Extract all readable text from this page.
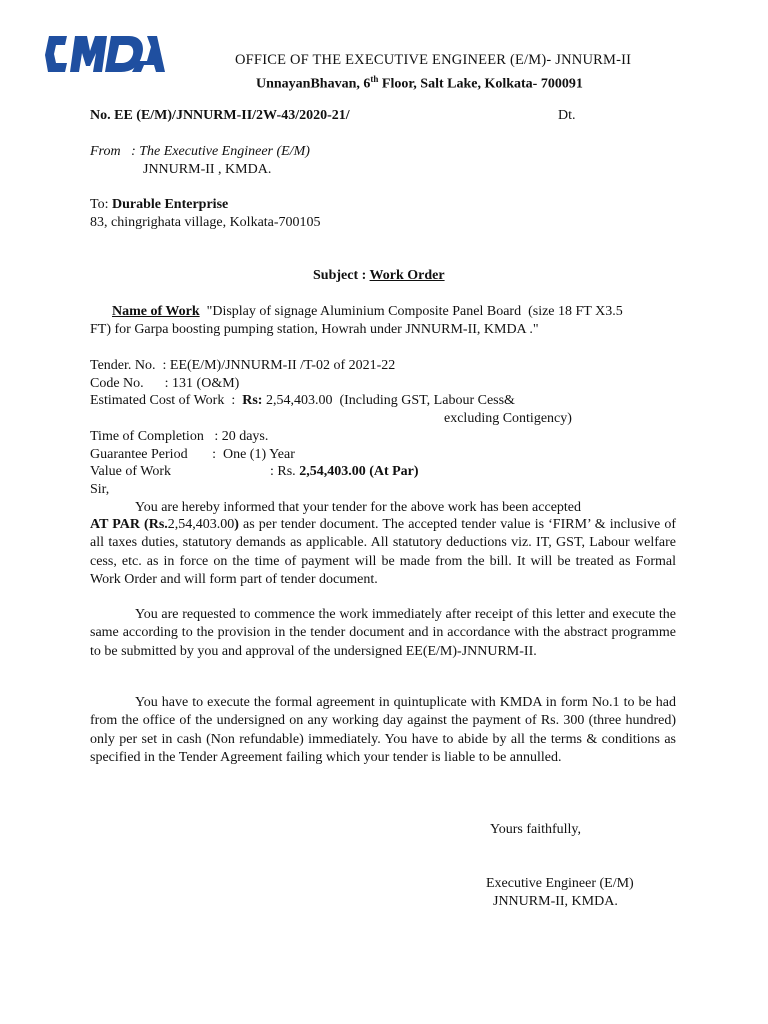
OFFICE OF THE EXECUTIVE ENGINEER (E/M)- JNNURM-II
UnnayanBhavan, 6th Floor, Salt Lake, Kolkata- 700091
No. EE (E/M)/JNNURM-II/2W-43/2020-21/	Dt.
From   : The Executive Engineer (E/M)
JNNURM-II , KMDA.
To: Durable Enterprise
83, chingrighata village, Kolkata-700105
Subject : Work Order
Name of Work  "Display of signage Aluminium Composite Panel Board  (size 18 FT X3.5
FT) for Garpa boosting pumping station, Howrah under JNNURM-II, KMDA ."
Tender. No.  : EE(E/M)/JNNURM-II /T-02 of 2021-22
Code No.      : 131 (O&M)
Estimated Cost of Work  :  Rs: 2,54,403.00  (Including GST, Labour Cess&
excluding Contigency)
Time of Completion   : 20 days.
Guarantee Period       :  One (1) Year
Value of Work	: Rs. 2,54,403.00 (At Par)
Sir,
You are hereby informed that your tender for the above work has been accepted
AT PAR (Rs.2,54,403.00) as per tender document. The accepted tender value is ‘FIRM’ & inclusive of all taxes duties, statutory demands as applicable. All statutory deductions viz. IT, GST, Labour welfare cess, etc. as in force on the time of payment will be made from the bill. It will be treated as Formal Work Order and will form part of tender document.
You are requested to commence the work immediately after receipt of this letter and execute the same according to the provision in the tender document and in accordance with the abstract programme to be submitted by you and approval of the undersigned EE(E/M)-JNNURM-II.
You have to execute the formal agreement in quintuplicate with KMDA in form No.1 to be had from the office of the undersigned on any working day against the payment of Rs. 300 (three hundred) only per set in cash (Non refundable) immediately. You have to abide by all the terms & conditions as specified in the Tender Agreement failing which your tender is liable to be annulled.
Yours faithfully,
Executive Engineer (E/M)
JNNURM-II, KMDA.
